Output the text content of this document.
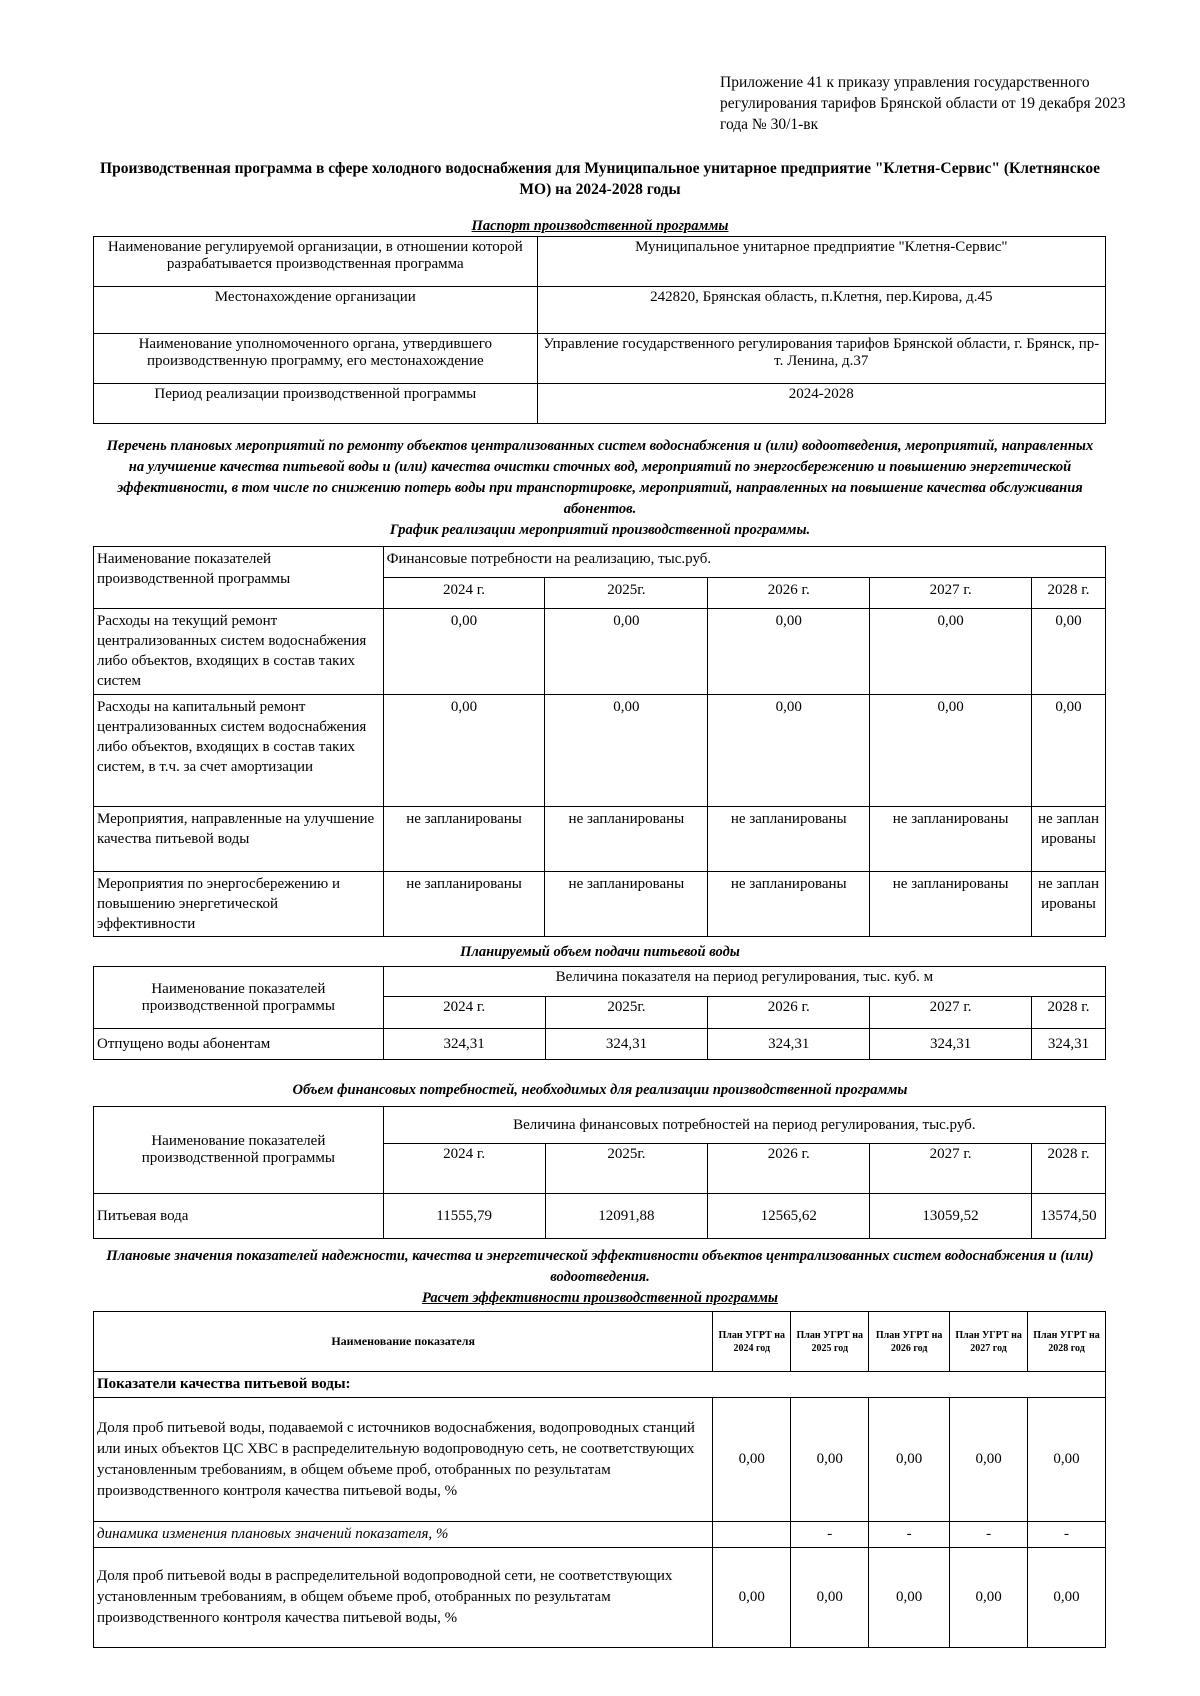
Приложение 41 к приказу управления государственного регулирования тарифов Брянской области от 19 декабря 2023 года № 30/1-вк
Производственная программа в сфере холодного водоснабжения для Муниципальное унитарное предприятие "Клетня-Сервис" (Клетнянское МО) на 2024-2028 годы
Паспорт производственной программы
Наименование регулируемой организации, в отношении которой разрабатывается производственная программа	Муниципальное унитарное предприятие "Клетня-Сервис"
Местонахождение организации	242820, Брянская область, п.Клетня, пер.Кирова, д.45
Наименование уполномоченного органа, утвердившего производственную программу, его местонахождение	Управление государственного регулирования тарифов Брянской области, г. Брянск, пр-т. Ленина, д.37
Период реализации производственной программы	2024-2028
Перечень плановых мероприятий по ремонту объектов централизованных систем водоснабжения и (или) водоотведения, мероприятий, направленных на улучшение качества питьевой воды и (или) качества очистки сточных вод, мероприятий по энергосбережению и повышению энергетической эффективности, в том числе по снижению потерь воды при транспортировке, мероприятий, направленных на повышение качества обслуживания абонентов.
График реализации мероприятий производственной программы.
Наименование показателей производственной программы	Финансовые потребности на реализацию, тыс.руб.				
	2024 г.	2025г.	2026 г.	2027 г.	2028 г.
Расходы на текущий ремонт централизованных систем водоснабжения либо объектов, входящих в состав таких систем	0,00	0,00	0,00	0,00	0,00
Расходы на капитальный ремонт централизованных систем водоснабжения либо объектов, входящих в состав таких систем, в т.ч. за счет амортизации	0,00	0,00	0,00	0,00	0,00
Мероприятия, направленные на улучшение качества питьевой воды	не запланированы	не запланированы	не запланированы	не запланированы	не запланированы
Мероприятия по энергосбережению и повышению энергетической эффективности	не запланированы	не запланированы	не запланированы	не запланированы	не запланированы
Планируемый объем подачи питьевой воды
Наименование показателей производственной программы	Величина показателя на период регулирования, тыс. куб. м				
	2024 г.	2025г.	2026 г.	2027 г.	2028 г.
Отпущено воды абонентам	324,31	324,31	324,31	324,31	324,31
Объем финансовых потребностей, необходимых для реализации производственной программы
Наименование показателей производственной программы	Величина финансовых потребностей на период регулирования, тыс.руб.				
	2024 г.	2025г.	2026 г.	2027 г.	2028 г.
Питьевая вода	11555,79	12091,88	12565,62	13059,52	13574,50
Плановые значения показателей надежности, качества и энергетической эффективности объектов централизованных систем водоснабжения и (или) водоотведения.
Расчет эффективности производственной программы
Наименование показателя	План УГРТ на 2024 год	План УГРТ на 2025 год	План УГРТ на 2026 год	План УГРТ на 2027 год	План УГРТ на 2028 год
Показатели качества питьевой воды:					
Доля проб питьевой воды, подаваемой с источников водоснабжения, водопроводных станций или иных объектов ЦС ХВС в распределительную водопроводную сеть, не соответствующих установленным требованиям, в общем объеме проб, отобранных по результатам производственного контроля качества питьевой воды, %	0,00	0,00	0,00	0,00	0,00
динамика изменения плановых значений показателя, %		-	-	-	-
Доля проб питьевой воды в распределительной водопроводной сети, не соответствующих установленным требованиям, в общем объеме проб, отобранных по результатам производственного контроля качества питьевой воды, %	0,00	0,00	0,00	0,00	0,00
